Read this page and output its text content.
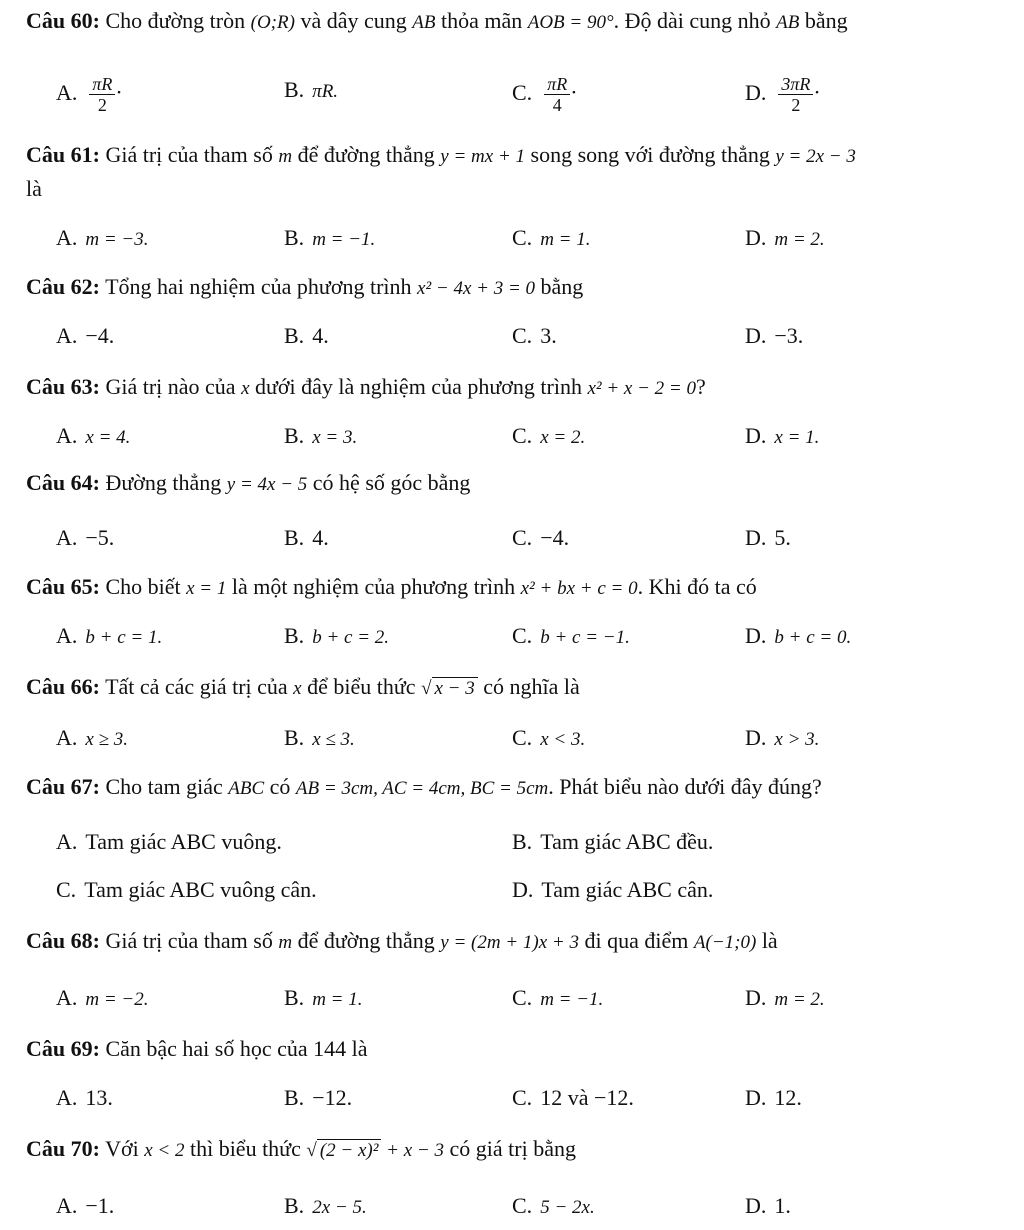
Câu 60: Cho đường tròn (O;R) và dây cung AB thỏa mãn AOB = 90°. Độ dài cung nhỏ AB bằng
A. $\frac{\pi R}{2}$ ·	B. πR.	C. $\frac{\pi R}{4}$ ·	D. $\frac{3\pi R}{2}$ ·
Câu 61: Giá trị của tham số m để đường thẳng y = mx + 1 song song với đường thẳng y = 2x − 3
là
A. m = −3.	B. m = −1.	C. m = 1.	D. m = 2.
Câu 62: Tổng hai nghiệm của phương trình x² − 4x + 3 = 0 bằng
A. −4.	B. 4.	C. 3.	D. −3.
Câu 63: Giá trị nào của x dưới đây là nghiệm của phương trình x² + x − 2 = 0?
A. x = 4.	B. x = 3.	C. x = 2.	D. x = 1.
Câu 64: Đường thẳng y = 4x − 5 có hệ số góc bằng
A. −5.	B. 4.	C. −4.	D. 5.
Câu 65: Cho biết x = 1 là một nghiệm của phương trình x² + bx + c = 0. Khi đó ta có
A. b + c = 1.	B. b + c = 2.	C. b + c = −1.	D. b + c = 0.
Câu 66: Tất cả các giá trị của x để biểu thức √ x − 3 có nghĩa là
A. x ≥ 3.	B. x ≤ 3.	C. x < 3.	D. x > 3.
Câu 67: Cho tam giác ABC có AB = 3cm, AC = 4cm, BC = 5cm. Phát biểu nào dưới đây đúng?
A. Tam giác ABC vuông.	B. Tam giác ABC đều.
C. Tam giác ABC vuông cân.	D. Tam giác ABC cân.
Câu 68: Giá trị của tham số m để đường thẳng y = (2m + 1)x + 3 đi qua điểm A(−1;0) là
A. m = −2.	B. m = 1.	C. m = −1.	D. m = 2.
Câu 69: Căn bậc hai số học của 144 là
A. 13.	B. −12.	C. 12 và −12.	D. 12.
Câu 70: Với x < 2 thì biểu thức √ (2 − x)² + x − 3 có giá trị bằng
A. −1.	B. 2x − 5.	C. 5 − 2x.	D. 1.
